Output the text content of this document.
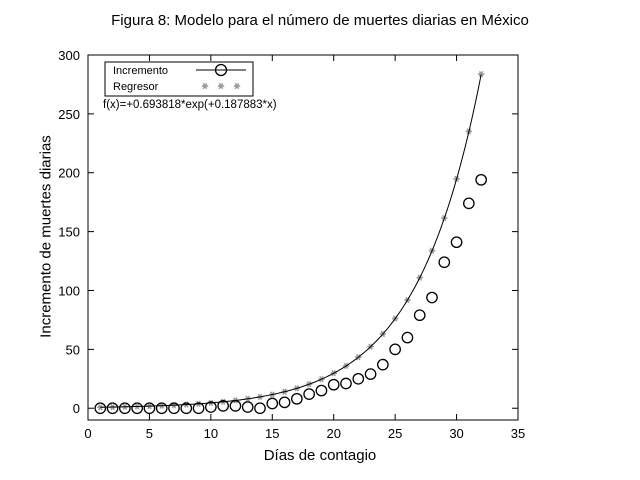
Figura 8: Modelo para el número de muertes diarias en México
Incremento de muertes diarias
Días de contagio
0	5	10	15	20	25	30	35
0
50
100
150
200
250
300
Incremento
Regresor
f(x)=+0.693818*exp(+0.187883*x)
